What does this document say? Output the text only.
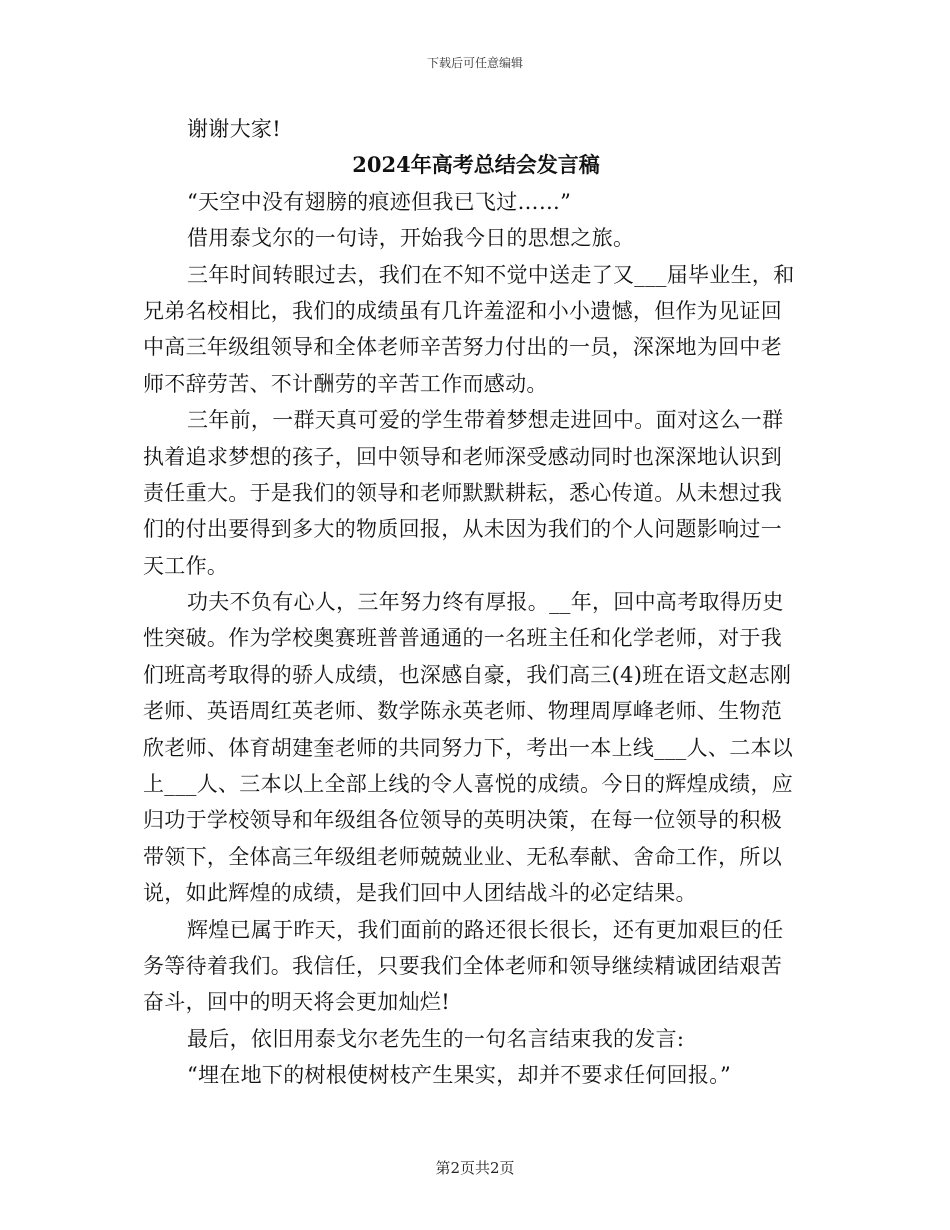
下载后可任意编辑
谢谢大家!
2024年高考总结会发言稿
“天空中没有翅膀的痕迹但我已飞过……”
借用泰戈尔的一句诗，开始我今日的思想之旅。
三年时间转眼过去，我们在不知不觉中送走了又___届毕业生，和
兄弟名校相比，我们的成绩虽有几许羞涩和小小遗憾，但作为见证回
中高三年级组领导和全体老师辛苦努力付出的一员，深深地为回中老
师不辞劳苦、不计酬劳的辛苦工作而感动。
三年前，一群天真可爱的学生带着梦想走进回中。面对这么一群
执着追求梦想的孩子，回中领导和老师深受感动同时也深深地认识到
责任重大。于是我们的领导和老师默默耕耘，悉心传道。从未想过我
们的付出要得到多大的物质回报，从未因为我们的个人问题影响过一
天工作。
功夫不负有心人，三年努力终有厚报。__年，回中高考取得历史
性突破。作为学校奥赛班普普通通的一名班主任和化学老师，对于我
们班高考取得的骄人成绩，也深感自豪，我们高三(4)班在语文赵志刚
老师、英语周红英老师、数学陈永英老师、物理周厚峰老师、生物范
欣老师、体育胡建奎老师的共同努力下，考出一本上线___人、二本以
上___人、三本以上全部上线的令人喜悦的成绩。今日的辉煌成绩，应
归功于学校领导和年级组各位领导的英明决策，在每一位领导的积极
带领下，全体高三年级组老师兢兢业业、无私奉献、舍命工作，所以
说，如此辉煌的成绩，是我们回中人团结战斗的必定结果。
辉煌已属于昨天，我们面前的路还很长很长，还有更加艰巨的任
务等待着我们。我信任，只要我们全体老师和领导继续精诚团结艰苦
奋斗，回中的明天将会更加灿烂!
最后，依旧用泰戈尔老先生的一句名言结束我的发言:
“埋在地下的树根使树枝产生果实，却并不要求任何回报。”
第2页共2页
